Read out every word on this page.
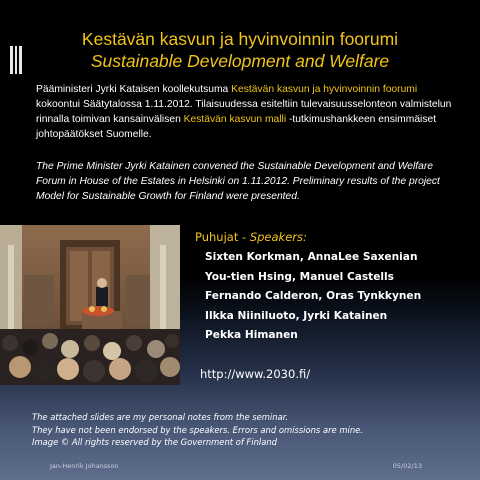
Kestävän kasvun ja hyvinvoinnin foorumi
Sustainable Development and Welfare

Pääministeri Jyrki Kataisen koollekutsuma Kestävän kasvun ja hyvinvoinnin foorumi kokoontui Säätytalossa 1.11.2012. Tilaisuudessa esiteltiin tulevaisuusselonteon valmistelun rinnalla toimivan kansainvälisen Kestävän kasvun malli -tutkimushankkeen ensimmäiset johtopäätökset Suomelle.

The Prime Minister Jyrki Katainen convened the Sustainable Development and Welfare Forum in House of the Estates in Helsinki on 1.11.2012. Preliminary results of the project Model for Sustainable Growth for Finland were presented.

Puhujat - Speakers:
Sixten Korkman, AnnaLee Saxenian
You-tien Hsing, Manuel Castells
Fernando Calderon, Oras Tynkkynen
Ilkka Niiniluoto, Jyrki Katainen
Pekka Himanen
http://www.2030.fi/
The attached slides are my personal notes from the seminar.
They have not been endorsed by the speakers. Errors and omissions are mine.
Image © All rights reserved by the Government of Finland
Jan-Henrik Johansson	05/02/13
